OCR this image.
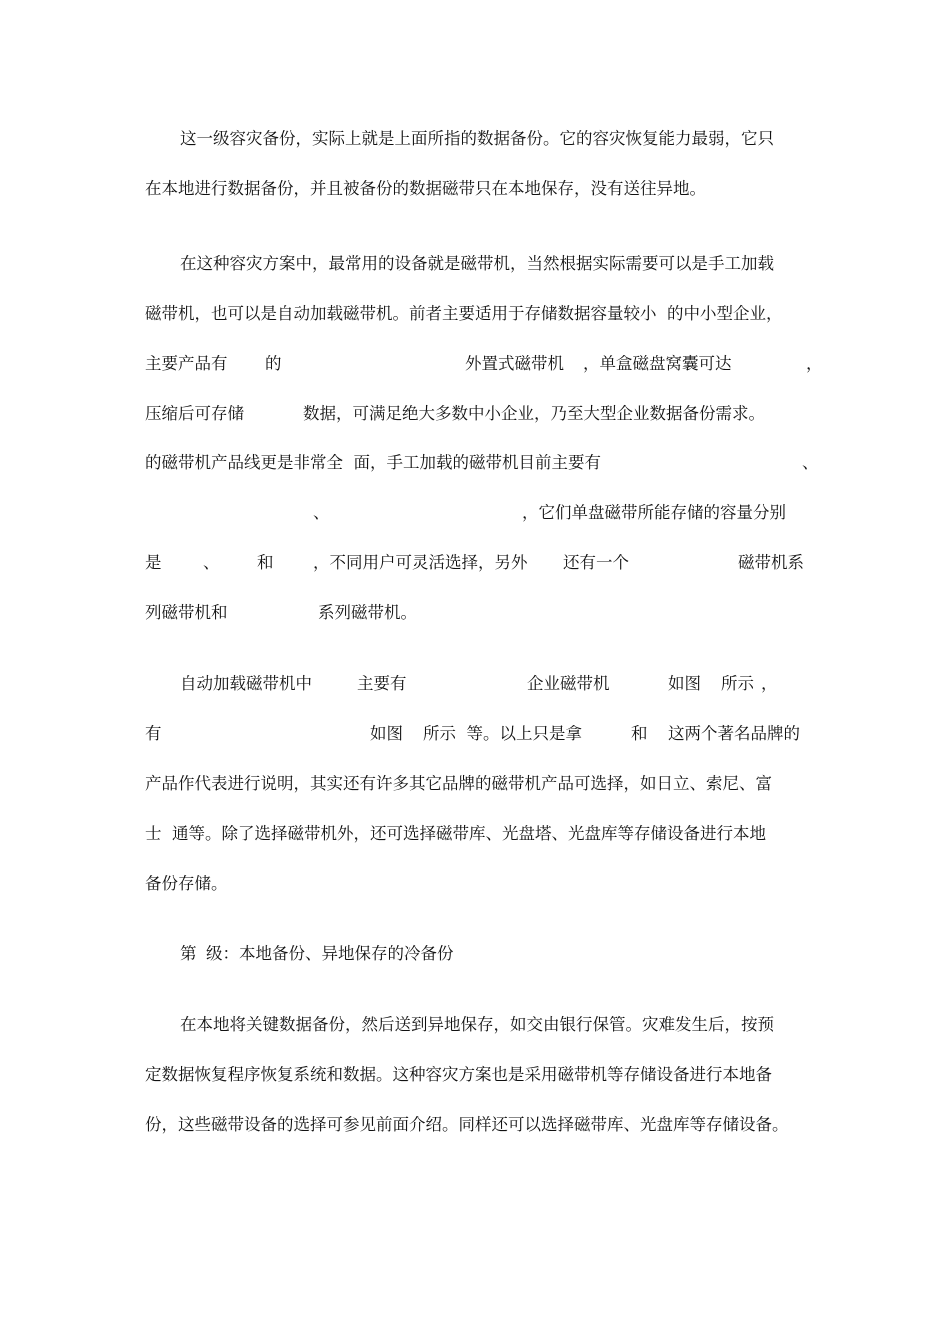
这一级容灾备份，实际上就是上面所指的数据备份。它的容灾恢复能力最弱，它只
在本地进行数据备份，并且被备份的数据磁带只在本地保存，没有送往异地。
在这种容灾方案中，最常用的设备就是磁带机，当然根据实际需要可以是手工加载
磁带机，也可以是自动加载磁带机。前者主要适用于存储数据容量较小  的中小型企业，
主要产品有 的	外置式磁带机 ，单盒磁盘窝囊可达	，
压缩后可存储	数据，可满足绝大多数中小企业，乃至大型企业数据备份需求。
的磁带机产品线更是非常全  面，手工加载的磁带机目前主要有	、
、	，它们单盘磁带所能存储的容量分别
是	、 和 ，不同用户可灵活选择，另外 还有一个	磁带机系
列磁带机和	系列磁带机。
自动加载磁带机中	主要有	企业磁带机	如图 所示 ，
有	如图 所示  等。以上只是拿	和 这两个著名品牌的
产品作代表进行说明，其实还有许多其它品牌的磁带机产品可选择，如日立、索尼、富
士  通等。除了选择磁带机外，还可选择磁带库、光盘塔、光盘库等存储设备进行本地
备份存储。
第 级：本地备份、异地保存的冷备份
在本地将关键数据备份，然后送到异地保存，如交由银行保管。灾难发生后，按预
定数据恢复程序恢复系统和数据。这种容灾方案也是采用磁带机等存储设备进行本地备
份，这些磁带设备的选择可参见前面介绍。同样还可以选择磁带库、光盘库等存储设备。
